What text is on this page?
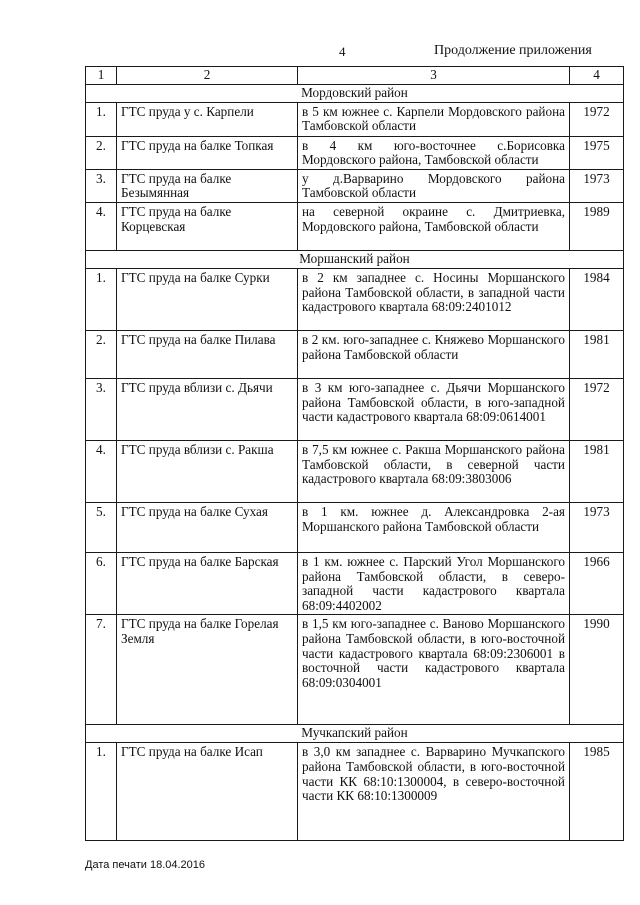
4	Продолжение приложения
1	2	3	4
Мордовский район			
1.	ГТС пруда у с. Карпели	в 5 км южнее с. Карпели Мордовского района Тамбовской области	1972
2.	ГТС пруда на балке Топкая	в 4 км юго-восточнее с.Борисовка Мордовского района, Тамбовской области	1975
3.	ГТС пруда на балке Безымянная	у д.Варварино Мордовского района Тамбовской области	1973
4.	ГТС пруда на балке Корцевская	на северной окраине с. Дмитриевка, Мордовского района, Тамбовской области	1989
Моршанский район			
1.	ГТС пруда на балке Сурки	в 2 км западнее с. Носины Моршанского района Тамбовской области, в западной части кадастрового квартала 68:09:2401012	1984
2.	ГТС пруда на балке Пилава	в 2 км. юго-западнее с. Княжево Моршанского района Тамбовской области	1981
3.	ГТС пруда вблизи с. Дьячи	в 3 км юго-западнее с. Дьячи Моршанского района Тамбовской области, в юго-западной части кадастрового квартала 68:09:0614001	1972
4.	ГТС пруда вблизи с. Ракша	в 7,5 км южнее с. Ракша Моршанского района Тамбовской области, в северной части кадастрового квартала 68:09:3803006	1981
5.	ГТС пруда на балке Сухая	в 1 км. южнее д. Александровка 2-ая Моршанского района Тамбовской области	1973
6.	ГТС пруда на балке Барская	в 1 км. южнее с. Парский Угол Моршанского района Тамбовской области, в северо-западной части кадастрового квартала 68:09:4402002	1966
7.	ГТС пруда на балке Горелая Земля	в 1,5 км юго-западнее с. Ваново Моршанского района Тамбовской области, в юго-восточной части кадастрового квартала 68:09:2306001 в восточной части кадастрового квартала 68:09:0304001	1990
Мучкапский район			
1.	ГТС пруда на балке Исап	в 3,0 км западнее с. Варварино Мучкапского района Тамбовской области, в юго-восточной части КК 68:10:1300004, в северо-восточной части КК 68:10:1300009	1985
Дата печати 18.04.2016
